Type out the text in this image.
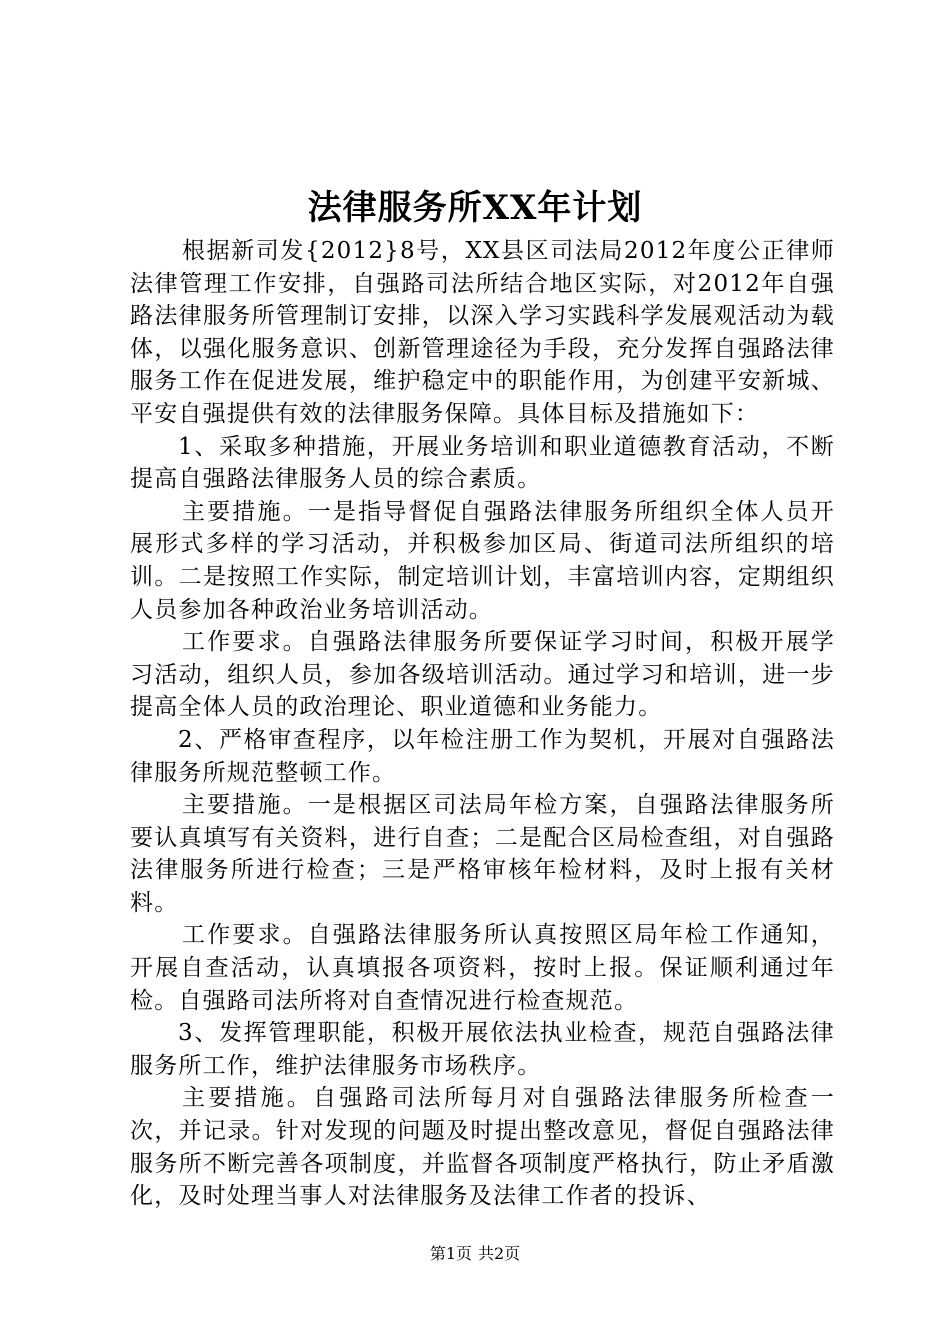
法律服务所XX年计划

根据新司发{2012}8号，XX县区司法局2012年度公正律师法律管理工作安排，自强路司法所结合地区实际，对2012年自强路法律服务所管理制订安排，以深入学习实践科学发展观活动为载体，以强化服务意识、创新管理途径为手段，充分发挥自强路法律服务工作在促进发展，维护稳定中的职能作用，为创建平安新城、平安自强提供有效的法律服务保障。具体目标及措施如下：

1、采取多种措施，开展业务培训和职业道德教育活动，不断提高自强路法律服务人员的综合素质。

主要措施。一是指导督促自强路法律服务所组织全体人员开展形式多样的学习活动，并积极参加区局、街道司法所组织的培训。二是按照工作实际，制定培训计划，丰富培训内容，定期组织人员参加各种政治业务培训活动。

工作要求。自强路法律服务所要保证学习时间，积极开展学习活动，组织人员，参加各级培训活动。通过学习和培训，进一步提高全体人员的政治理论、职业道德和业务能力。

2、严格审查程序，以年检注册工作为契机，开展对自强路法律服务所规范整顿工作。

主要措施。一是根据区司法局年检方案，自强路法律服务所要认真填写有关资料，进行自查；二是配合区局检查组，对自强路法律服务所进行检查；三是严格审核年检材料，及时上报有关材料。

工作要求。自强路法律服务所认真按照区局年检工作通知，开展自查活动，认真填报各项资料，按时上报。保证顺利通过年检。自强路司法所将对自查情况进行检查规范。

3、发挥管理职能，积极开展依法执业检查，规范自强路法律服务所工作，维护法律服务市场秩序。

主要措施。自强路司法所每月对自强路法律服务所检查一次，并记录。针对发现的问题及时提出整改意见，督促自强路法律服务所不断完善各项制度，并监督各项制度严格执行，防止矛盾激化，及时处理当事人对法律服务及法律工作者的投诉、

第1页 共2页
